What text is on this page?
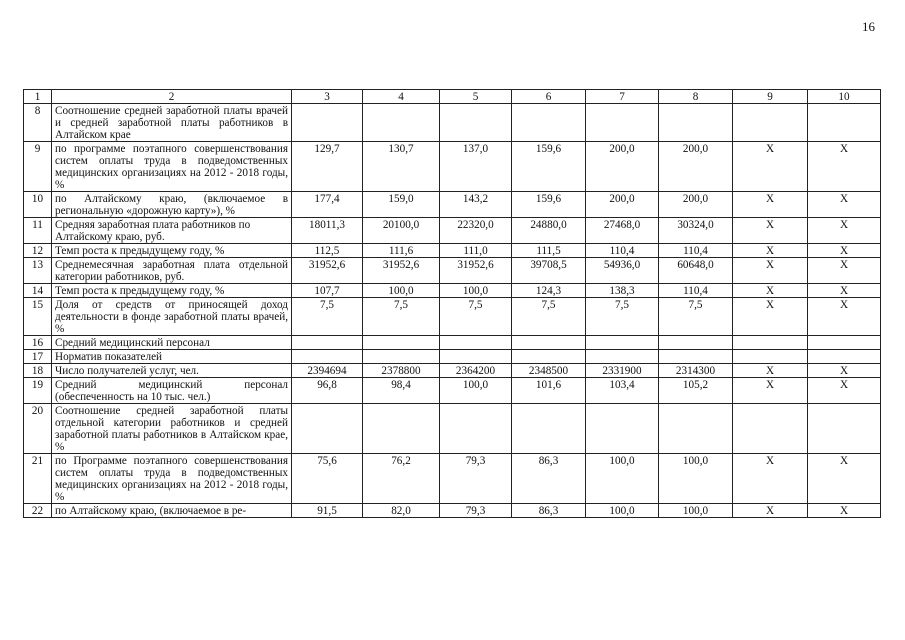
16
1	2	3	4	5	6	7	8	9	10
8	Соотношение средней заработной платы врачей и средней заработной платы работников в Алтайском крае								
9	по программе поэтапного совершенствования систем оплаты труда в подведомственных медицинских организациях на 2012 - 2018 годы, %	129,7	130,7	137,0	159,6	200,0	200,0	X	X
10	по Алтайскому краю, (включаемое в региональную «дорожную карту»), %	177,4	159,0	143,2	159,6	200,0	200,0	X	X
11	Средняя заработная плата работников по Алтайскому краю, руб.	18011,3	20100,0	22320,0	24880,0	27468,0	30324,0	X	X
12	Темп роста к предыдущему году, %	112,5	111,6	111,0	111,5	110,4	110,4	X	X
13	Среднемесячная заработная плата отдельной категории работников, руб.	31952,6	31952,6	31952,6	39708,5	54936,0	60648,0	X	X
14	Темп роста к предыдущему году, %	107,7	100,0	100,0	124,3	138,3	110,4	X	X
15	Доля от средств от приносящей доход деятельности в фонде заработной платы врачей, %	7,5	7,5	7,5	7,5	7,5	7,5	X	X
16	Средний медицинский персонал								
17	Норматив показателей								
18	Число получателей услуг, чел.	2394694	2378800	2364200	2348500	2331900	2314300	X	X
19	Средний медицинский персонал (обеспеченность на 10 тыс. чел.)	96,8	98,4	100,0	101,6	103,4	105,2	X	X
20	Соотношение средней заработной платы отдельной категории работников и средней заработной платы работников в Алтайском крае, %								
21	по Программе поэтапного совершенствования систем оплаты труда в подведомственных медицинских организациях на 2012 - 2018 годы, %	75,6	76,2	79,3	86,3	100,0	100,0	X	X
22	по Алтайскому краю, (включаемое в ре-	91,5	82,0	79,3	86,3	100,0	100,0	X	X
